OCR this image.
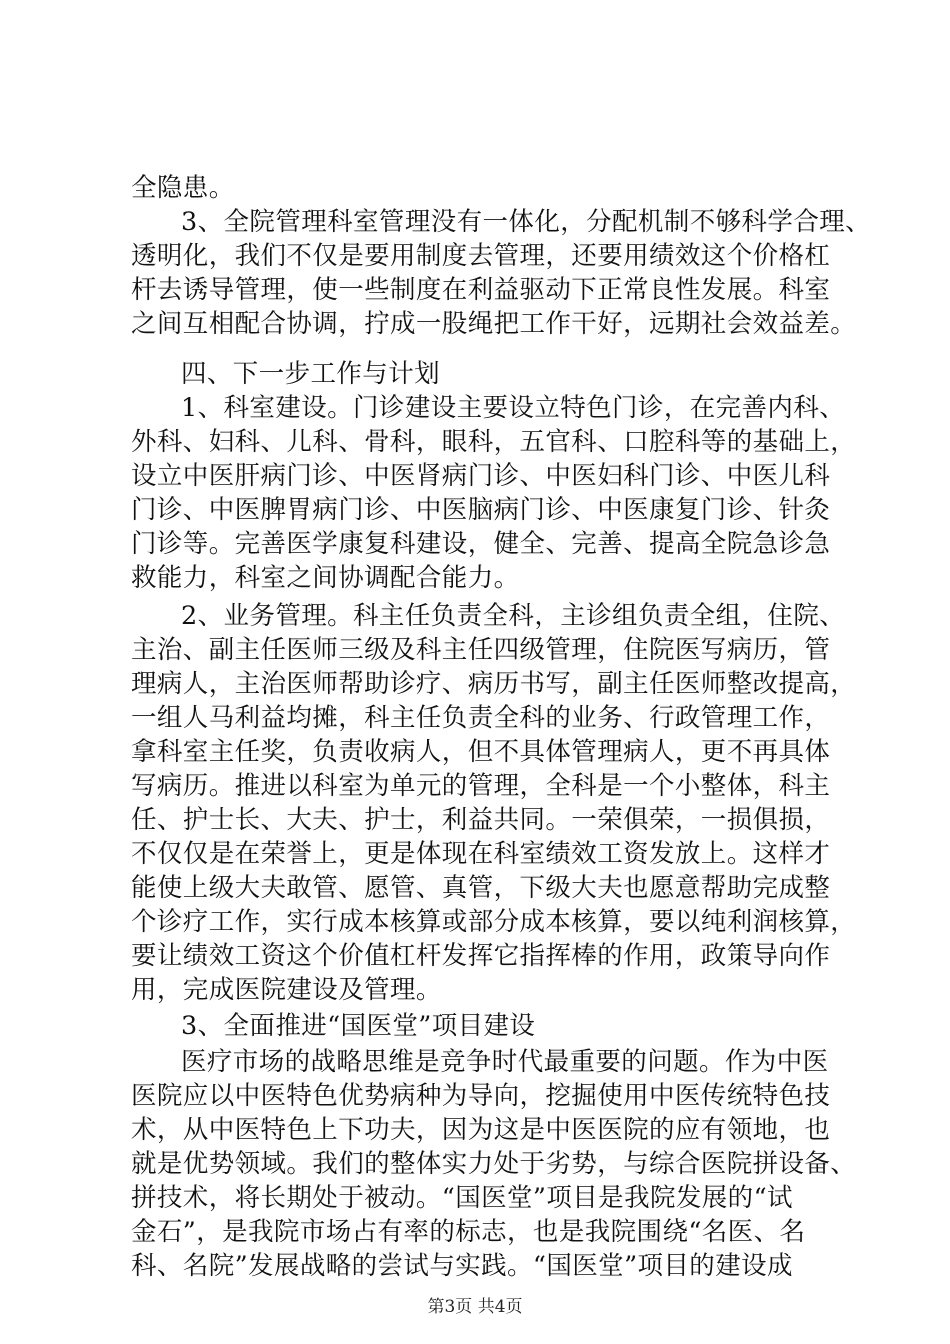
全隐患。
3、全院管理科室管理没有一体化，分配机制不够科学合理、
透明化，我们不仅是要用制度去管理，还要用绩效这个价格杠
杆去诱导管理，使一些制度在利益驱动下正常良性发展。科室
之间互相配合协调，拧成一股绳把工作干好，远期社会效益差。
四、下一步工作与计划
1、科室建设。门诊建设主要设立特色门诊，在完善内科、
外科、妇科、儿科、骨科，眼科，五官科、口腔科等的基础上，
设立中医肝病门诊、中医肾病门诊、中医妇科门诊、中医儿科
门诊、中医脾胃病门诊、中医脑病门诊、中医康复门诊、针灸
门诊等。完善医学康复科建设，健全、完善、提高全院急诊急
救能力，科室之间协调配合能力。
2、业务管理。科主任负责全科，主诊组负责全组，住院、
主治、副主任医师三级及科主任四级管理，住院医写病历，管
理病人，主治医师帮助诊疗、病历书写，副主任医师整改提高，
一组人马利益均摊，科主任负责全科的业务、行政管理工作，
拿科室主任奖，负责收病人，但不具体管理病人，更不再具体
写病历。推进以科室为单元的管理，全科是一个小整体，科主
任、护士长、大夫、护士，利益共同。一荣俱荣，一损俱损，
不仅仅是在荣誉上，更是体现在科室绩效工资发放上。这样才
能使上级大夫敢管、愿管、真管，下级大夫也愿意帮助完成整
个诊疗工作，实行成本核算或部分成本核算，要以纯利润核算，
要让绩效工资这个价值杠杆发挥它指挥棒的作用，政策导向作
用，完成医院建设及管理。
3、全面推进“国医堂”项目建设
医疗市场的战略思维是竞争时代最重要的问题。作为中医
医院应以中医特色优势病种为导向，挖掘使用中医传统特色技
术，从中医特色上下功夫，因为这是中医医院的应有领地，也
就是优势领域。我们的整体实力处于劣势，与综合医院拼设备、
拼技术，将长期处于被动。“国医堂”项目是我院发展的“试
金石”，是我院市场占有率的标志，也是我院围绕“名医、名
科、名院”发展战略的尝试与实践。“国医堂”项目的建设成
第3页 共4页
